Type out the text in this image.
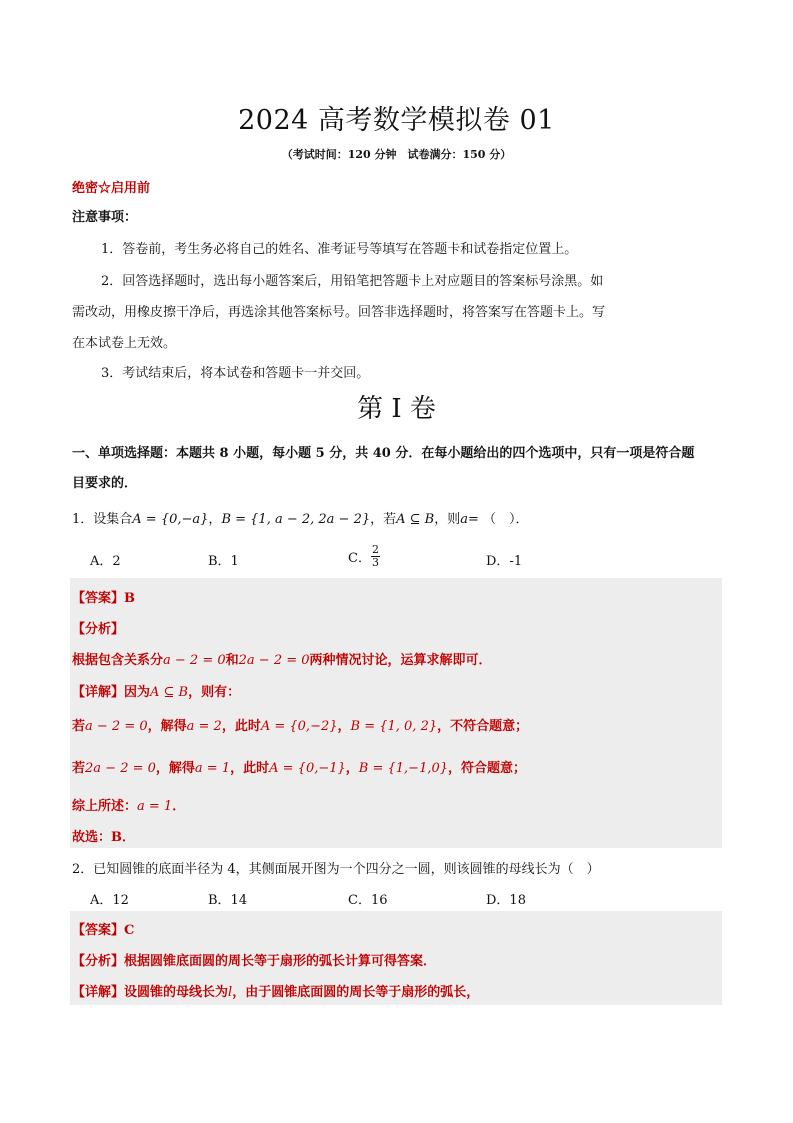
2024 高考数学模拟卷 01
（考试时间：120 分钟　试卷满分：150 分）
绝密☆启用前
注意事项：
1．答卷前，考生务必将自己的姓名、准考证号等填写在答题卡和试卷指定位置上。
2．回答选择题时，选出每小题答案后，用铅笔把答题卡上对应题目的答案标号涂黑。如
需改动，用橡皮擦干净后，再选涂其他答案标号。回答非选择题时，将答案写在答题卡上。写
在本试卷上无效。
3．考试结束后，将本试卷和答题卡一并交回。
第 I 卷
一、单项选择题：本题共 8 小题，每小题 5 分，共 40 分．在每小题给出的四个选项中，只有一项是符合题
目要求的．
1．设集合A = {0,−a}，B = {1, a − 2, 2a − 2}，若A ⊆ B，则a= （　）．
A．2	B．1	C． $\frac{2}{3}$	D．-1
【答案】B
【分析】
根据包含关系分a − 2 = 0和2a − 2 = 0两种情况讨论，运算求解即可．
【详解】因为A ⊆ B，则有：
若a − 2 = 0，解得a = 2，此时A = {0,−2}，B = {1, 0, 2}，不符合题意；
若2a − 2 = 0，解得a = 1，此时A = {0,−1}，B = {1,−1,0}，符合题意；
综上所述：a = 1．
故选：B．
2．已知圆锥的底面半径为 4，其侧面展开图为一个四分之一圆，则该圆锥的母线长为（　）
A．12	B．14	C．16	D．18
【答案】C
【分析】根据圆锥底面圆的周长等于扇形的弧长计算可得答案．
【详解】设圆锥的母线长为l，由于圆锥底面圆的周长等于扇形的弧长，
